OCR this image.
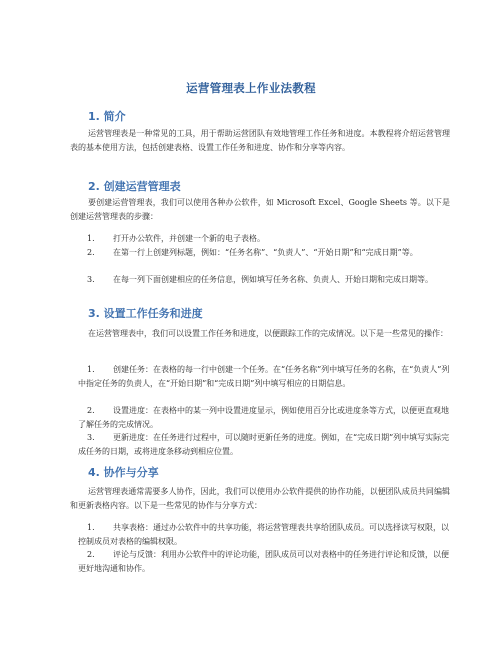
运营管理表上作业法教程
1. 简介
运营管理表是一种常见的工具，用于帮助运营团队有效地管理工作任务和进度。本教程将介绍运营管理表的基本使用方法，包括创建表格、设置工作任务和进度、协作和分享等内容。
2. 创建运营管理表
要创建运营管理表，我们可以使用各种办公软件，如 Microsoft Excel、Google Sheets 等。以下是创建运营管理表的步骤：
1. 打开办公软件，并创建一个新的电子表格。
2. 在第一行上创建列标题，例如：“任务名称”、“负责人”、“开始日期”和“完成日期”等。
3. 在每一列下面创建相应的任务信息，例如填写任务名称、负责人、开始日期和完成日期等。
3. 设置工作任务和进度
在运营管理表中，我们可以设置工作任务和进度，以便跟踪工作的完成情况。以下是一些常见的操作：
1. 创建任务：在表格的每一行中创建一个任务。在“任务名称”列中填写任务的名称，在“负责人”列中指定任务的负责人，在“开始日期”和“完成日期”列中填写相应的日期信息。
2. 设置进度：在表格中的某一列中设置进度显示，例如使用百分比或进度条等方式，以便更直观地了解任务的完成情况。
3. 更新进度：在任务进行过程中，可以随时更新任务的进度。例如，在“完成日期”列中填写实际完成任务的日期，或将进度条移动到相应位置。
4. 协作与分享
运营管理表通常需要多人协作，因此，我们可以使用办公软件提供的协作功能，以便团队成员共同编辑和更新表格内容。以下是一些常见的协作与分享方式：
1. 共享表格：通过办公软件中的共享功能，将运营管理表共享给团队成员。可以选择读写权限，以控制成员对表格的编辑权限。
2. 评论与反馈：利用办公软件中的评论功能，团队成员可以对表格中的任务进行评论和反馈，以便更好地沟通和协作。
